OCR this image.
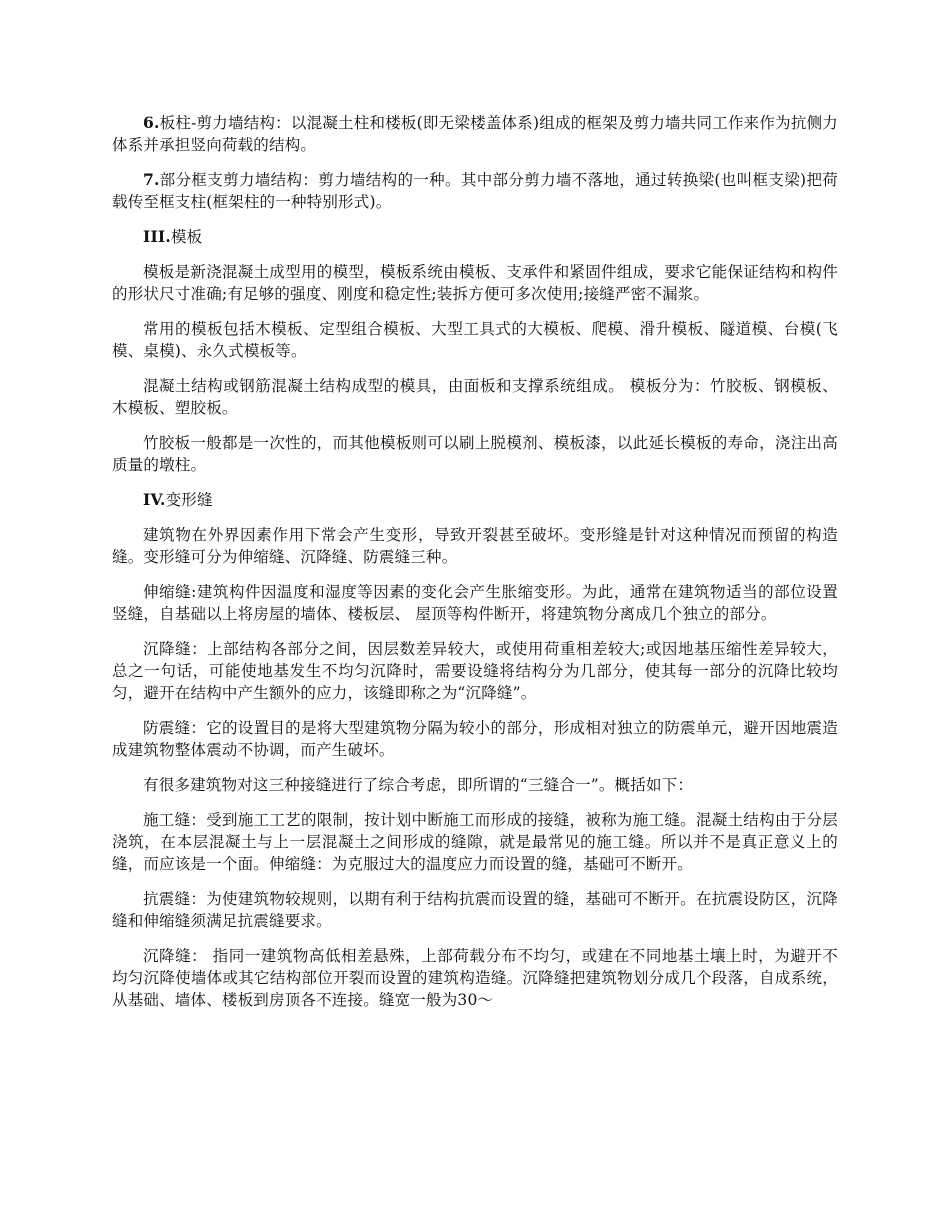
6.板柱-剪力墙结构：以混凝土柱和楼板(即无梁楼盖体系)组成的框架及剪力墙共同工作来作为抗侧力体系并承担竖向荷载的结构。

7.部分框支剪力墙结构：剪力墙结构的一种。其中部分剪力墙不落地，通过转换梁(也叫框支梁)把荷载传至框支柱(框架柱的一种特别形式)。

III.模板

模板是新浇混凝土成型用的模型，模板系统由模板、支承件和紧固件组成，要求它能保证结构和构件的形状尺寸准确;有足够的强度、刚度和稳定性;装拆方便可多次使用;接缝严密不漏浆。

常用的模板包括木模板、定型组合模板、大型工具式的大模板、爬模、滑升模板、隧道模、台模(飞模、桌模)、永久式模板等。

混凝土结构或钢筋混凝土结构成型的模具，由面板和支撑系统组成。 模板分为：竹胶板、钢模板、木模板、塑胶板。

竹胶板一般都是一次性的，而其他模板则可以刷上脱模剂、模板漆，以此延长模板的寿命，浇注出高质量的墩柱。

IV.变形缝

建筑物在外界因素作用下常会产生变形，导致开裂甚至破坏。变形缝是针对这种情况而预留的构造缝。变形缝可分为伸缩缝、沉降缝、防震缝三种。

伸缩缝:建筑构件因温度和湿度等因素的变化会产生胀缩变形。为此，通常在建筑物适当的部位设置竖缝，自基础以上将房屋的墙体、楼板层、 屋顶等构件断开，将建筑物分离成几个独立的部分。

沉降缝：上部结构各部分之间，因层数差异较大，或使用荷重相差较大;或因地基压缩性差异较大，总之一句话，可能使地基发生不均匀沉降时，需要设缝将结构分为几部分，使其每一部分的沉降比较均匀，避开在结构中产生额外的应力，该缝即称之为“沉降缝”。

防震缝：它的设置目的是将大型建筑物分隔为较小的部分，形成相对独立的防震单元，避开因地震造成建筑物整体震动不协调，而产生破坏。

有很多建筑物对这三种接缝进行了综合考虑，即所谓的“三缝合一”。概括如下：

施工缝：受到施工工艺的限制，按计划中断施工而形成的接缝，被称为施工缝。混凝土结构由于分层浇筑，在本层混凝土与上一层混凝土之间形成的缝隙，就是最常见的施工缝。所以并不是真正意义上的缝，而应该是一个面。伸缩缝：为克服过大的温度应力而设置的缝，基础可不断开。

抗震缝：为使建筑物较规则，以期有利于结构抗震而设置的缝，基础可不断开。在抗震设防区，沉降缝和伸缩缝须满足抗震缝要求。

沉降缝： 指同一建筑物高低相差悬殊，上部荷载分布不均匀，或建在不同地基土壤上时，为避开不均匀沉降使墙体或其它结构部位开裂而设置的建筑构造缝。沉降缝把建筑物划分成几个段落，自成系统，从基础、墙体、楼板到房顶各不连接。缝宽一般为30～
